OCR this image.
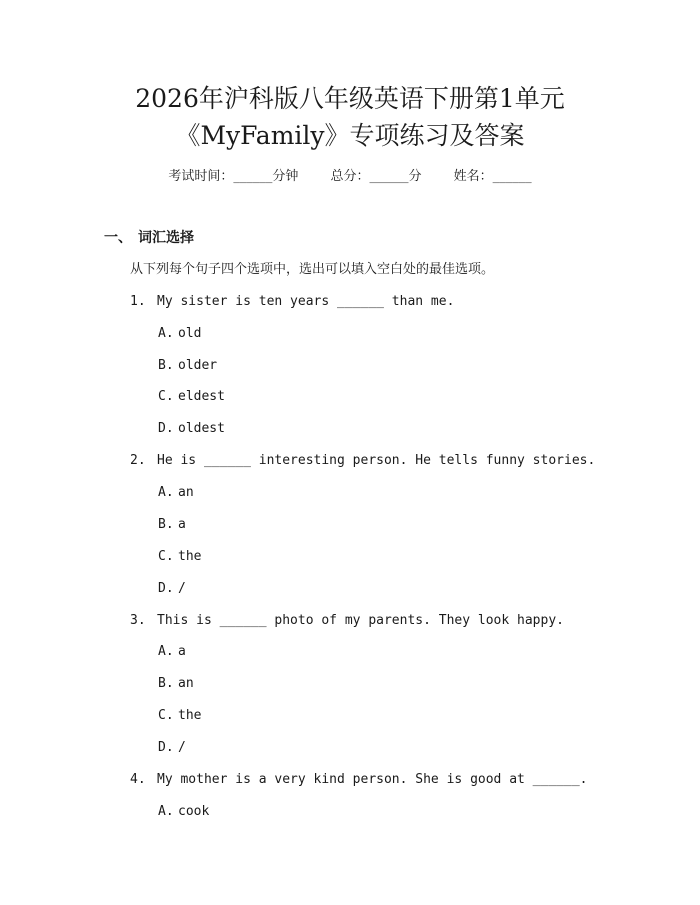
2026年沪科版八年级英语下册第1单元
《MyFamily》专项练习及答案
考试时间：______分钟 总分：______分 姓名：______
一、 词汇选择
从下列每个句子四个选项中，选出可以填入空白处的最佳选项。
1. My sister is ten years ______ than me.
A. old
B. older
C. eldest
D. oldest
2. He is ______ interesting person. He tells funny stories.
A. an
B. a
C. the
D. /
3. This is ______ photo of my parents. They look happy.
A. a
B. an
C. the
D. /
4. My mother is a very kind person. She is good at ______.
A. cook
